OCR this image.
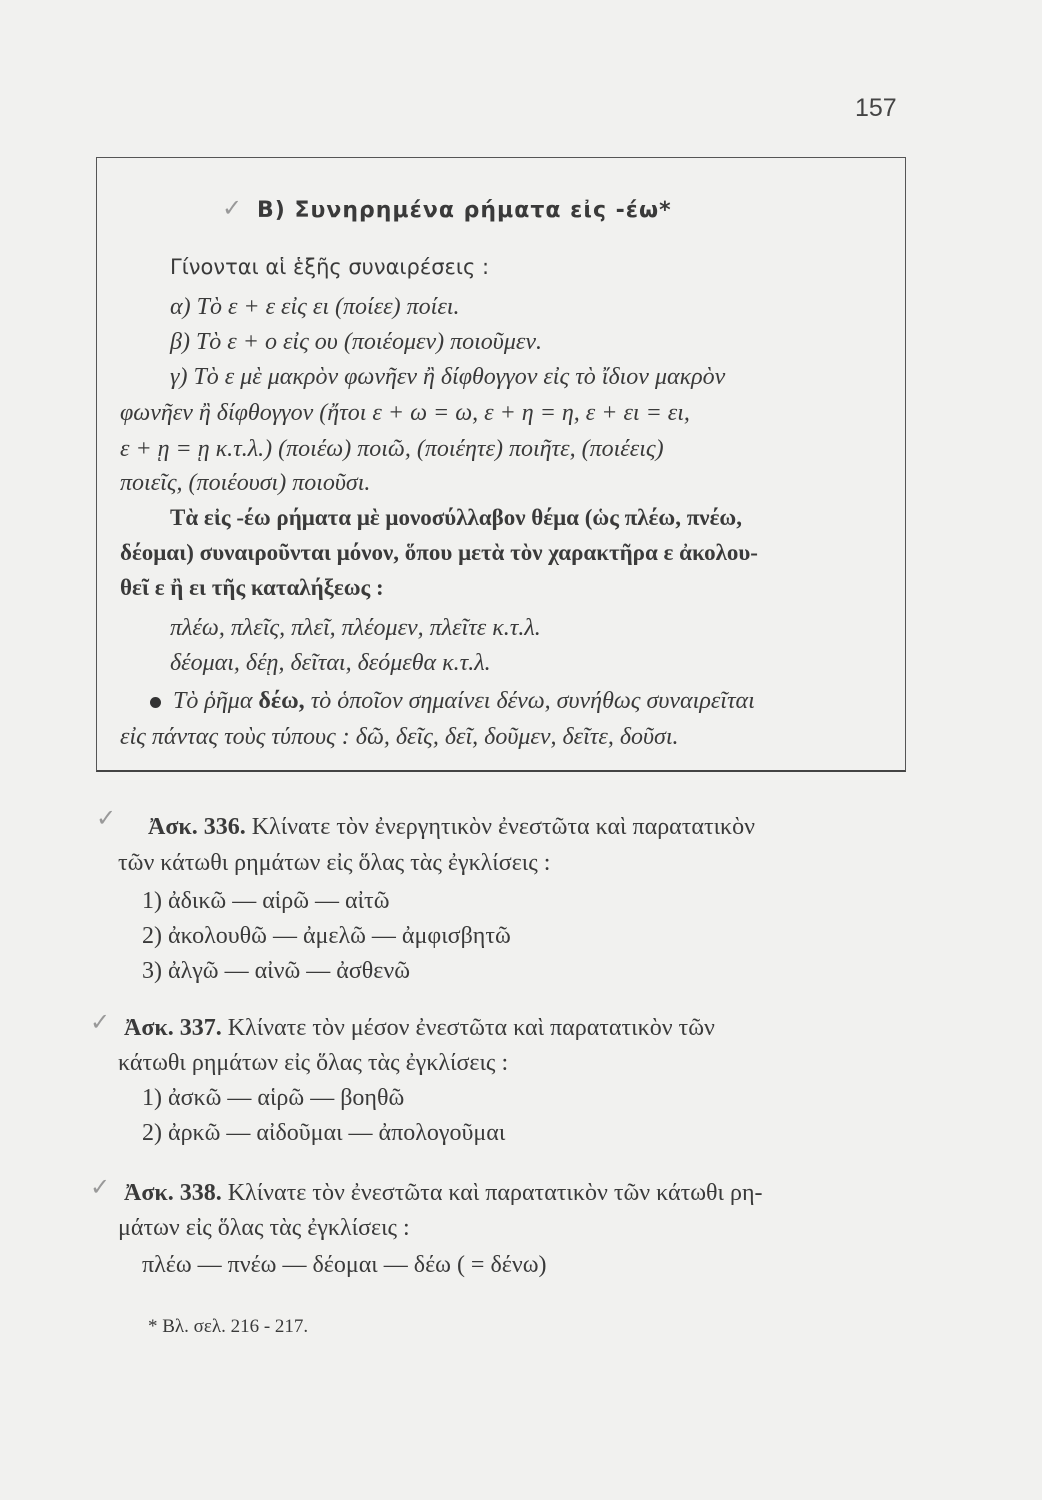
157
✓ Β) Συνηρημένα ρήματα εἰς -έω*
Γίνονται αἱ ἑξῆς συναιρέσεις :
α) Τὸ ε + ε εἰς ει (ποίεε) ποίει.
β) Τὸ ε + ο εἰς ου (ποιέομεν) ποιοῦμεν.
γ) Τὸ ε μὲ μακρὸν φωνῆεν ἢ δίφθογγον εἰς τὸ ἴδιον μακρὸν
φωνῆεν ἢ δίφθογγον (ἤτοι ε + ω = ω, ε + η = η, ε + ει = ει,
ε + ῃ = ῃ κ.τ.λ.) (ποιέω) ποιῶ, (ποιέητε) ποιῆτε, (ποιέεις)
ποιεῖς, (ποιέουσι) ποιοῦσι.
Τὰ εἰς -έω ρήματα μὲ μονοσύλλαβον θέμα (ὡς πλέω, πνέω,
δέομαι) συναιροῦνται μόνον, ὅπου μετὰ τὸν χαρακτῆρα ε ἀκολου-
θεῖ ε ἢ ει τῆς καταλήξεως :
πλέω, πλεῖς, πλεῖ, πλέομεν, πλεῖτε κ.τ.λ.
δέομαι, δέῃ, δεῖται, δεόμεθα κ.τ.λ.
Τὸ ῥῆμα δέω, τὸ ὁποῖον σημαίνει δένω, συνήθως συναιρεῖται
εἰς πάντας τοὺς τύπους : δῶ, δεῖς, δεῖ, δοῦμεν, δεῖτε, δοῦσι.
✓ Ἀσκ. 336. Κλίνατε τὸν ἐνεργητικὸν ἐνεστῶτα καὶ παρατατικὸν
τῶν κάτωθι ρημάτων εἰς ὅλας τὰς ἐγκλίσεις :
1) ἀδικῶ — αἱρῶ — αἰτῶ
2) ἀκολουθῶ — ἀμελῶ — ἀμφισβητῶ
3) ἀλγῶ — αἰνῶ — ἀσθενῶ
✓ Ἀσκ. 337. Κλίνατε τὸν μέσον ἐνεστῶτα καὶ παρατατικὸν τῶν
κάτωθι ρημάτων εἰς ὅλας τὰς ἐγκλίσεις :
1) ἀσκῶ — αἱρῶ — βοηθῶ
2) ἀρκῶ — αἰδοῦμαι — ἀπολογοῦμαι
✓ Ἀσκ. 338. Κλίνατε τὸν ἐνεστῶτα καὶ παρατατικὸν τῶν κάτωθι ρη-
μάτων εἰς ὅλας τὰς ἐγκλίσεις :
πλέω — πνέω — δέομαι — δέω ( = δένω)
* Βλ. σελ. 216 - 217.
